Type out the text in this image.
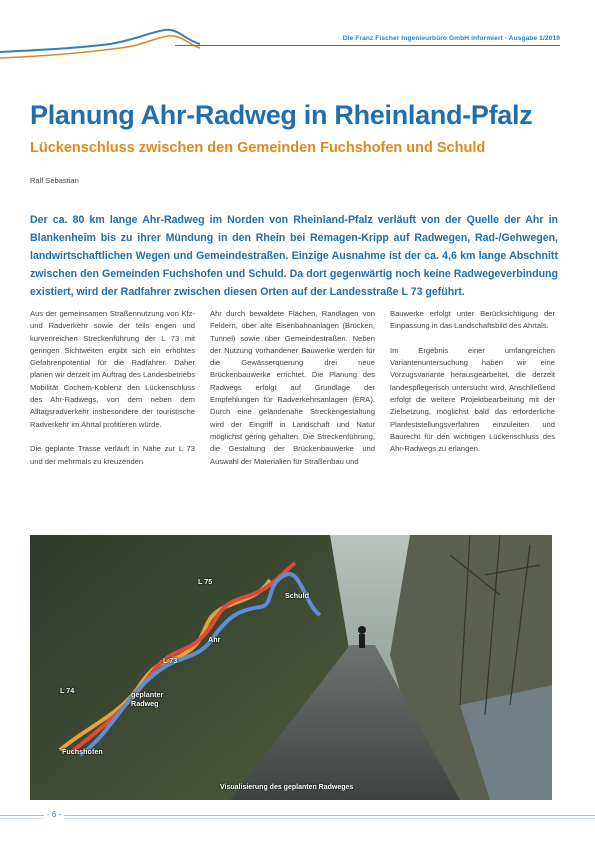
Die Franz Fischer Ingenieurbüro GmbH informiert - Ausgabe 1/2019
Planung Ahr-Radweg in Rheinland-Pfalz
Lückenschluss zwischen den Gemeinden Fuchshofen und Schuld
Ralf Sebastian
Der ca. 80 km lange Ahr-Radweg im Norden von Rheinland-Pfalz verläuft von der Quelle der Ahr in Blankenheim bis zu ihrer Mündung in den Rhein bei Remagen-Kripp auf Radwegen, Rad-/Gehwegen, landwirtschaftlichen Wegen und Gemeindestraßen. Einzige Ausnahme ist der ca. 4,6 km lange Abschnitt zwischen den Gemeinden Fuchshofen und Schuld. Da dort gegenwärtig noch keine Radwegeverbindung existiert, wird der Radfahrer zwischen diesen Orten auf der Landesstraße L 73 geführt.

Aus der gemeinsamen Straßennutzung von Kfz- und Radverkehr sowie der teils engen und kurvenreichen Streckenführung der L 73 mit geringen Sichtweiten ergibt sich ein erhöhtes Gefahrenpotential für die Radfahrer. Daher planen wir derzeit im Auftrag des Landesbetriebs Mobilität Cochem-Koblenz den Lückenschluss des Ahr-Radwegs, von dem neben dem Alltagsradverkehr insbesondere der touristische Radverkehr im Ahrtal profitieren würde.

Die geplante Trasse verläuft in Nähe zur L 73 und der mehrmals zu kreuzenden

Ahr durch bewaldete Flächen, Randlagen von Feldern, über alte Eisenbahnanlagen (Brücken, Tunnel) sowie über Gemeindestraßen. Neben der Nutzung vorhandener Bauwerke werden für die Gewässerquerung drei neue Brückenbauwerke errichtet. Die Planung des Radwegs erfolgt auf Grundlage der Empfehlungen für Radverkehrsanlagen (ERA). Durch eine geländenahe Streckengestaltung wird der Eingriff in Landschaft und Natur möglichst gering gehalten. Die Streckenführung, die Gestaltung der Brückenbauwerke und Auswahl der Materialien für Straßenbau und

Bauwerke erfolgt unter Berücksichtigung der Einpassung in das Landschaftsbild des Ahrtals.

Im Ergebnis einer umfangreichen Variantenuntersuchung haben wir eine Vorzugsvariante herausgearbeitet, die derzeit landespflegerisch untersucht wird. Anschließend erfolgt die weitere Projektbearbeitung mit der Zielsetzung, möglichst bald das erforderliche Planfeststellungsverfahren einzuleiten und Baurecht für den wichtigen Lückenschluss des Ahr-Radwegs zu erlangen.

L 75
Schuld
Ahr
L 73
L 74	geplanter
Radweg
Fuchshofen
Visualisierung des geplanten Radweges
- 6 -
